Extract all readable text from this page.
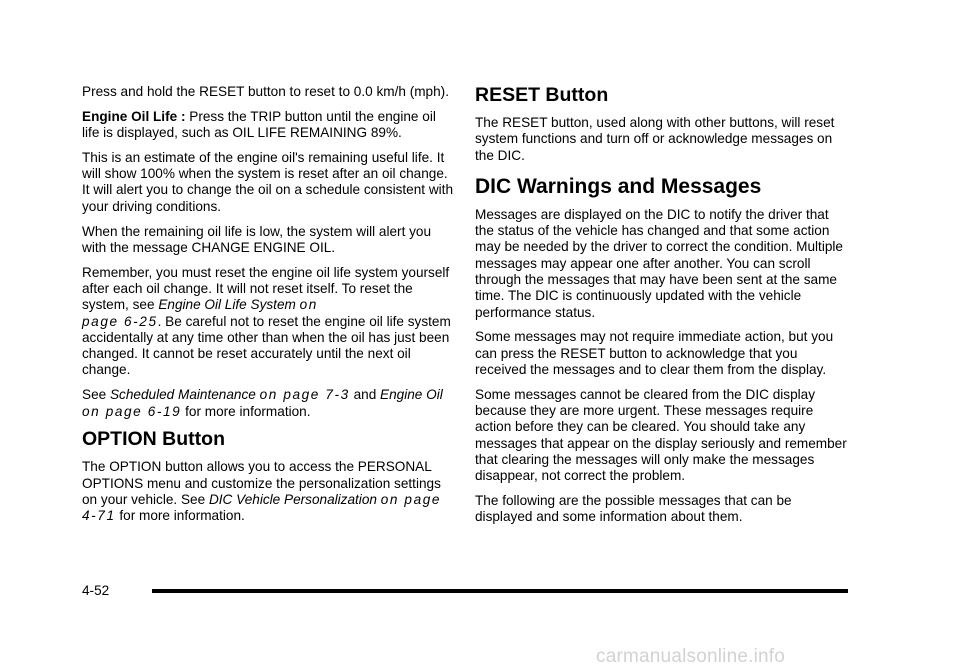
Press and hold the RESET button to reset to 0.0 km/h (mph).

Engine Oil Life : Press the TRIP button until the engine oil life is displayed, such as OIL LIFE REMAINING 89%.

This is an estimate of the engine oil's remaining useful life. It will show 100% when the system is reset after an oil change. It will alert you to change the oil on a schedule consistent with your driving conditions.

When the remaining oil life is low, the system will alert you with the message CHANGE ENGINE OIL.

Remember, you must reset the engine oil life system yourself after each oil change. It will not reset itself. To reset the system, see Engine Oil Life System on
page 6-25. Be careful not to reset the engine oil life system accidentally at any time other than when the oil has just been changed. It cannot be reset accurately until the next oil change.

See Scheduled Maintenance on page 7-3 and Engine Oil on page 6-19 for more information.

OPTION Button

The OPTION button allows you to access the PERSONAL OPTIONS menu and customize the personalization settings on your vehicle. See DIC Vehicle Personalization on page 4-71 for more information.

RESET Button

The RESET button, used along with other buttons, will reset system functions and turn off or acknowledge messages on the DIC.

DIC Warnings and Messages

Messages are displayed on the DIC to notify the driver that the status of the vehicle has changed and that some action may be needed by the driver to correct the condition. Multiple messages may appear one after another. You can scroll through the messages that may have been sent at the same time. The DIC is continuously updated with the vehicle performance status.

Some messages may not require immediate action, but you can press the RESET button to acknowledge that you received the messages and to clear them from the display.

Some messages cannot be cleared from the DIC display because they are more urgent. These messages require action before they can be cleared. You should take any messages that appear on the display seriously and remember that clearing the messages will only make the messages disappear, not correct the problem.

The following are the possible messages that can be displayed and some information about them.

4-52
carmanualsonline.info
